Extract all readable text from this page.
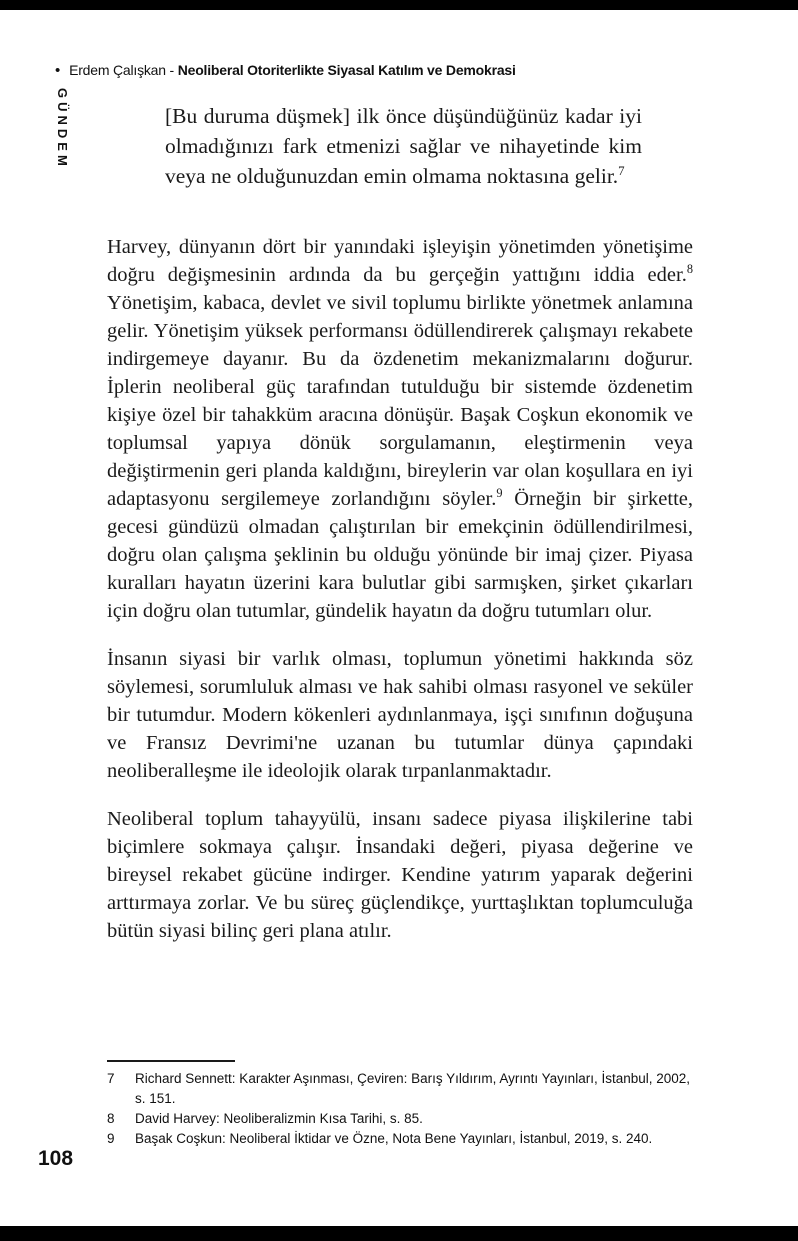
• Erdem Çalışkan - Neoliberal Otoriterlikte Siyasal Katılım ve Demokrasi
GÜNDEM	[Bu duruma düşmek] ilk önce düşündüğünüz kadar iyi olmadığınızı fark etmenizi sağlar ve nihayetinde kim veya ne olduğunuzdan emin olmama noktasına gelir.$^7$

Harvey, dünyanın dört bir yanındaki işleyişin yönetimden yönetişime doğru değişmesinin ardında da bu gerçeğin yattığını iddia eder.$^8$ Yönetişim, kabaca, devlet ve sivil toplumu birlikte yönetmek anlamına gelir. Yönetişim yüksek performansı ödüllendirerek çalışmayı rekabete indirgemeye dayanır. Bu da özdenetim mekanizmalarını doğurur. İplerin neoliberal güç tarafından tutulduğu bir sistemde özdenetim kişiye özel bir tahakküm aracına dönüşür. Başak Coşkun ekonomik ve toplumsal yapıya dönük sorgulamanın, eleştirmenin veya değiştirmenin geri planda kaldığını, bireylerin var olan koşullara en iyi adaptasyonu sergilemeye zorlandığını söyler.$^9$ Örneğin bir şirkette, gecesi gündüzü olmadan çalıştırılan bir emekçinin ödüllendirilmesi, doğru olan çalışma şeklinin bu olduğu yönünde bir imaj çizer. Piyasa kuralları hayatın üzerini kara bulutlar gibi sarmışken, şirket çıkarları için doğru olan tutumlar, gündelik hayatın da doğru tutumları olur.

İnsanın siyasi bir varlık olması, toplumun yönetimi hakkında söz söylemesi, sorumluluk alması ve hak sahibi olması rasyonel ve seküler bir tutumdur. Modern kökenleri aydınlanmaya, işçi sınıfının doğuşuna ve Fransız Devrimi'ne uzanan bu tutumlar dünya çapındaki neoliberalleşme ile ideolojik olarak tırpanlanmaktadır.

Neoliberal toplum tahayyülü, insanı sadece piyasa ilişkilerine tabi biçimlere sokmaya çalışır. İnsandaki değeri, piyasa değerine ve bireysel rekabet gücüne indirger. Kendine yatırım yaparak değerini arttırmaya zorlar. Ve bu süreç güçlendikçe, yurttaşlıktan toplumculuğa bütün siyasi bilinç geri plana atılır.

7	Richard Sennett: Karakter Aşınması, Çeviren: Barış Yıldırım, Ayrıntı Yayınları, İstanbul, 2002, s. 151.
8	David Harvey: Neoliberalizmin Kısa Tarihi, s. 85.
9	Başak Coşkun: Neoliberal İktidar ve Özne, Nota Bene Yayınları, İstanbul, 2019, s. 240.
108
